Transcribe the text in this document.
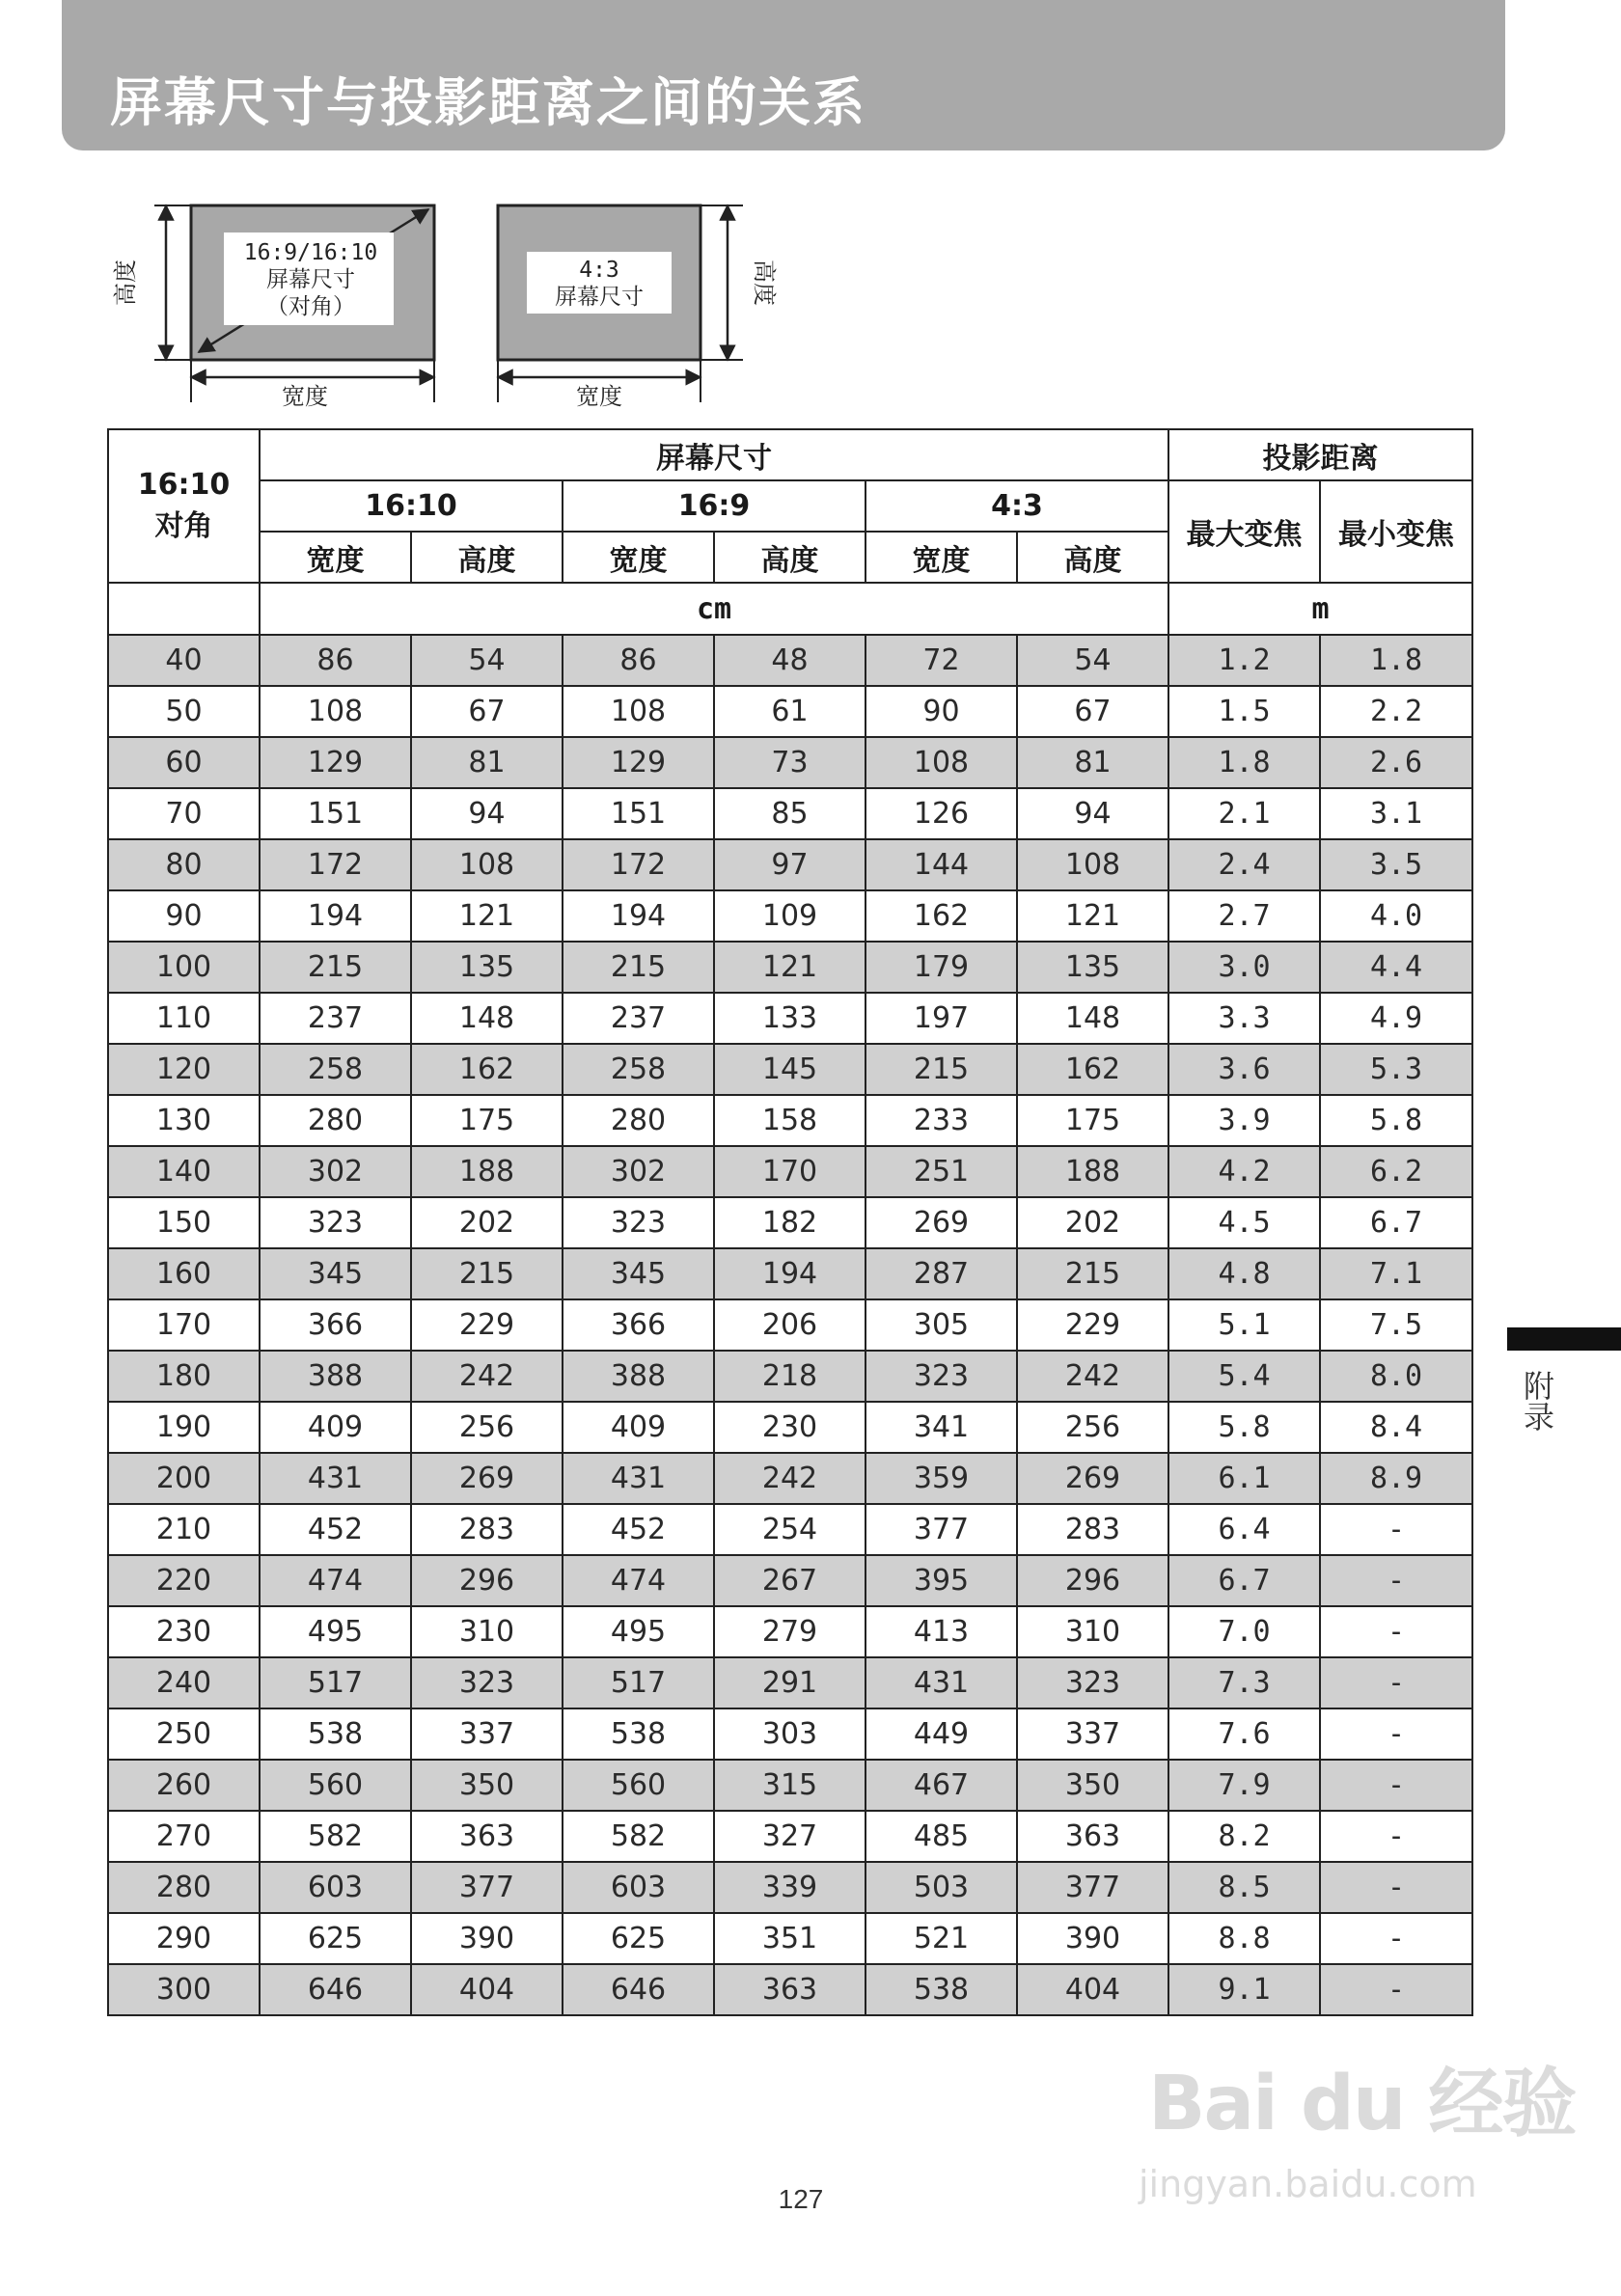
屏幕尺寸与投影距离之间的关系
16:9/16:10
屏幕尺寸
（对角）
高度
宽度
4:3
屏幕尺寸	高度
宽度
16:10
对角	屏幕尺寸						投影距离	
	16:10		16:9		4:3		最大变焦	最小变焦
	宽度	高度	宽度	高度	宽度	高度		
	cm						m	
40	86	54	86	48	72	54	1.2	1.8
50	108	67	108	61	90	67	1.5	2.2
60	129	81	129	73	108	81	1.8	2.6
70	151	94	151	85	126	94	2.1	3.1
80	172	108	172	97	144	108	2.4	3.5
90	194	121	194	109	162	121	2.7	4.0
100	215	135	215	121	179	135	3.0	4.4
110	237	148	237	133	197	148	3.3	4.9
120	258	162	258	145	215	162	3.6	5.3
130	280	175	280	158	233	175	3.9	5.8
140	302	188	302	170	251	188	4.2	6.2
150	323	202	323	182	269	202	4.5	6.7
160	345	215	345	194	287	215	4.8	7.1
170	366	229	366	206	305	229	5.1	7.5
180	388	242	388	218	323	242	5.4	8.0
190	409	256	409	230	341	256	5.8	8.4
200	431	269	431	242	359	269	6.1	8.9
210	452	283	452	254	377	283	6.4	-
220	474	296	474	267	395	296	6.7	-
230	495	310	495	279	413	310	7.0	-
240	517	323	517	291	431	323	7.3	-
250	538	337	538	303	449	337	7.6	-
260	560	350	560	315	467	350	7.9	-
270	582	363	582	327	485	363	8.2	-
280	603	377	603	339	503	377	8.5	-
290	625	390	625	351	521	390	8.8	-
300	646	404	646	363	538	404	9.1	-
附录
127
Bai du 经验
jingyan.baidu.com
